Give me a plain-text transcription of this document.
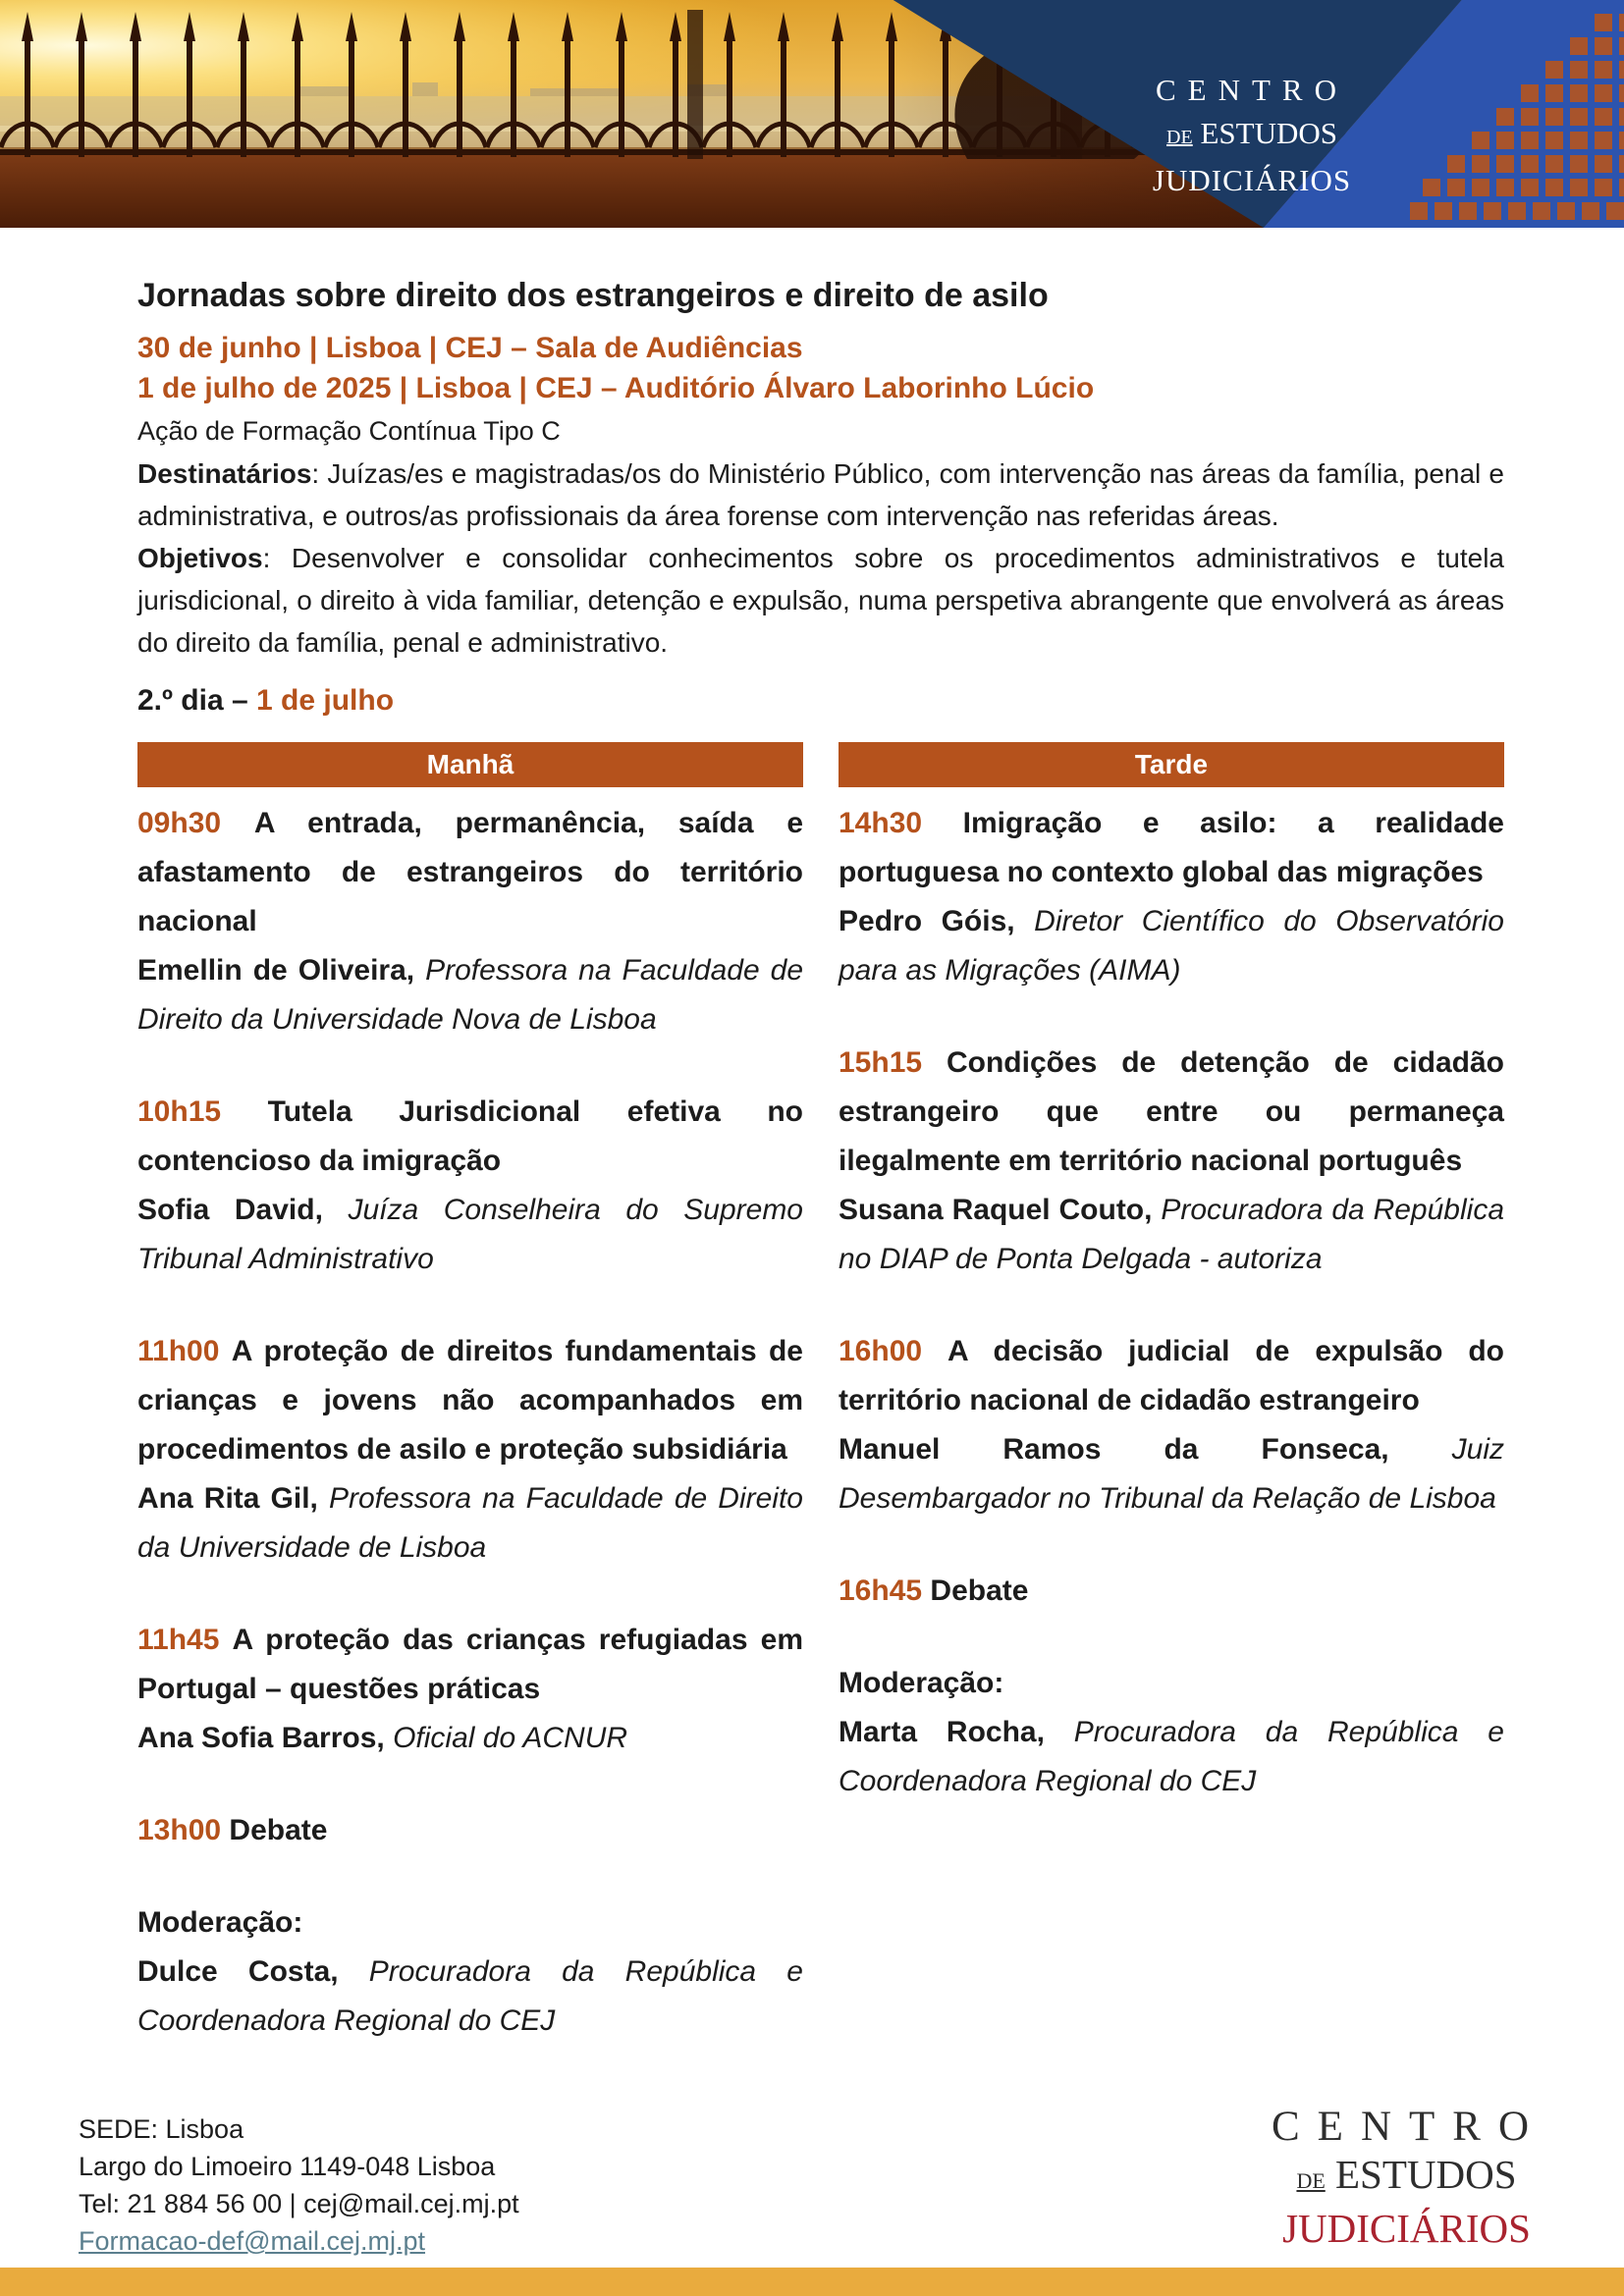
CENTRO
DE ESTUDOS
JUDICIÁRIOS
Jornadas sobre direito dos estrangeiros e direito de asilo
30 de junho | Lisboa | CEJ – Sala de Audiências
1 de julho de 2025 | Lisboa | CEJ – Auditório Álvaro Laborinho Lúcio
Ação de Formação Contínua Tipo C

Destinatários: Juízas/es e magistradas/os do Ministério Público, com intervenção nas áreas da família, penal e administrativa, e outros/as profissionais da área forense com intervenção nas referidas áreas.

Objetivos: Desenvolver e consolidar conhecimentos sobre os procedimentos administrativos e tutela jurisdicional, o direito à vida familiar, detenção e expulsão, numa perspetiva abrangente que envolverá as áreas do direito da família, penal e administrativo.

2.º dia – 1 de julho
Manhã

09h30 A entrada, permanência, saída e afastamento de estrangeiros do território nacional

Emellin de Oliveira, Professora na Faculdade de Direito da Universidade Nova de Lisboa

10h15 Tutela Jurisdicional efetiva no contencioso da imigração

Sofia David, Juíza Conselheira do Supremo Tribunal Administrativo

11h00 A proteção de direitos fundamentais de crianças e jovens não acompanhados em procedimentos de asilo e proteção subsidiária

Ana Rita Gil, Professora na Faculdade de Direito da Universidade de Lisboa

11h45 A proteção das crianças refugiadas em Portugal – questões práticas

Ana Sofia Barros, Oficial do ACNUR

13h00 Debate

Moderação:

Dulce Costa, Procuradora da República e Coordenadora Regional do CEJ

Tarde

14h30 Imigração e asilo: a realidade portuguesa no contexto global das migrações

Pedro Góis, Diretor Científico do Observatório para as Migrações (AIMA)

15h15 Condições de detenção de cidadão estrangeiro que entre ou permaneça ilegalmente em território nacional português

Susana Raquel Couto, Procuradora da República no DIAP de Ponta Delgada - autoriza

16h00 A decisão judicial de expulsão do território nacional de cidadão estrangeiro

Manuel Ramos da Fonseca, Juiz Desembargador no Tribunal da Relação de Lisboa

16h45 Debate

Moderação:

Marta Rocha, Procuradora da República e Coordenadora Regional do CEJ

SEDE: Lisboa
Largo do Limoeiro 1149-048 Lisboa
Tel: 21 884 56 00 | cej@mail.cej.mj.pt
Formacao-def@mail.cej.mj.pt
CENTRO
DE ESTUDOS
JUDICIÁRIOS
